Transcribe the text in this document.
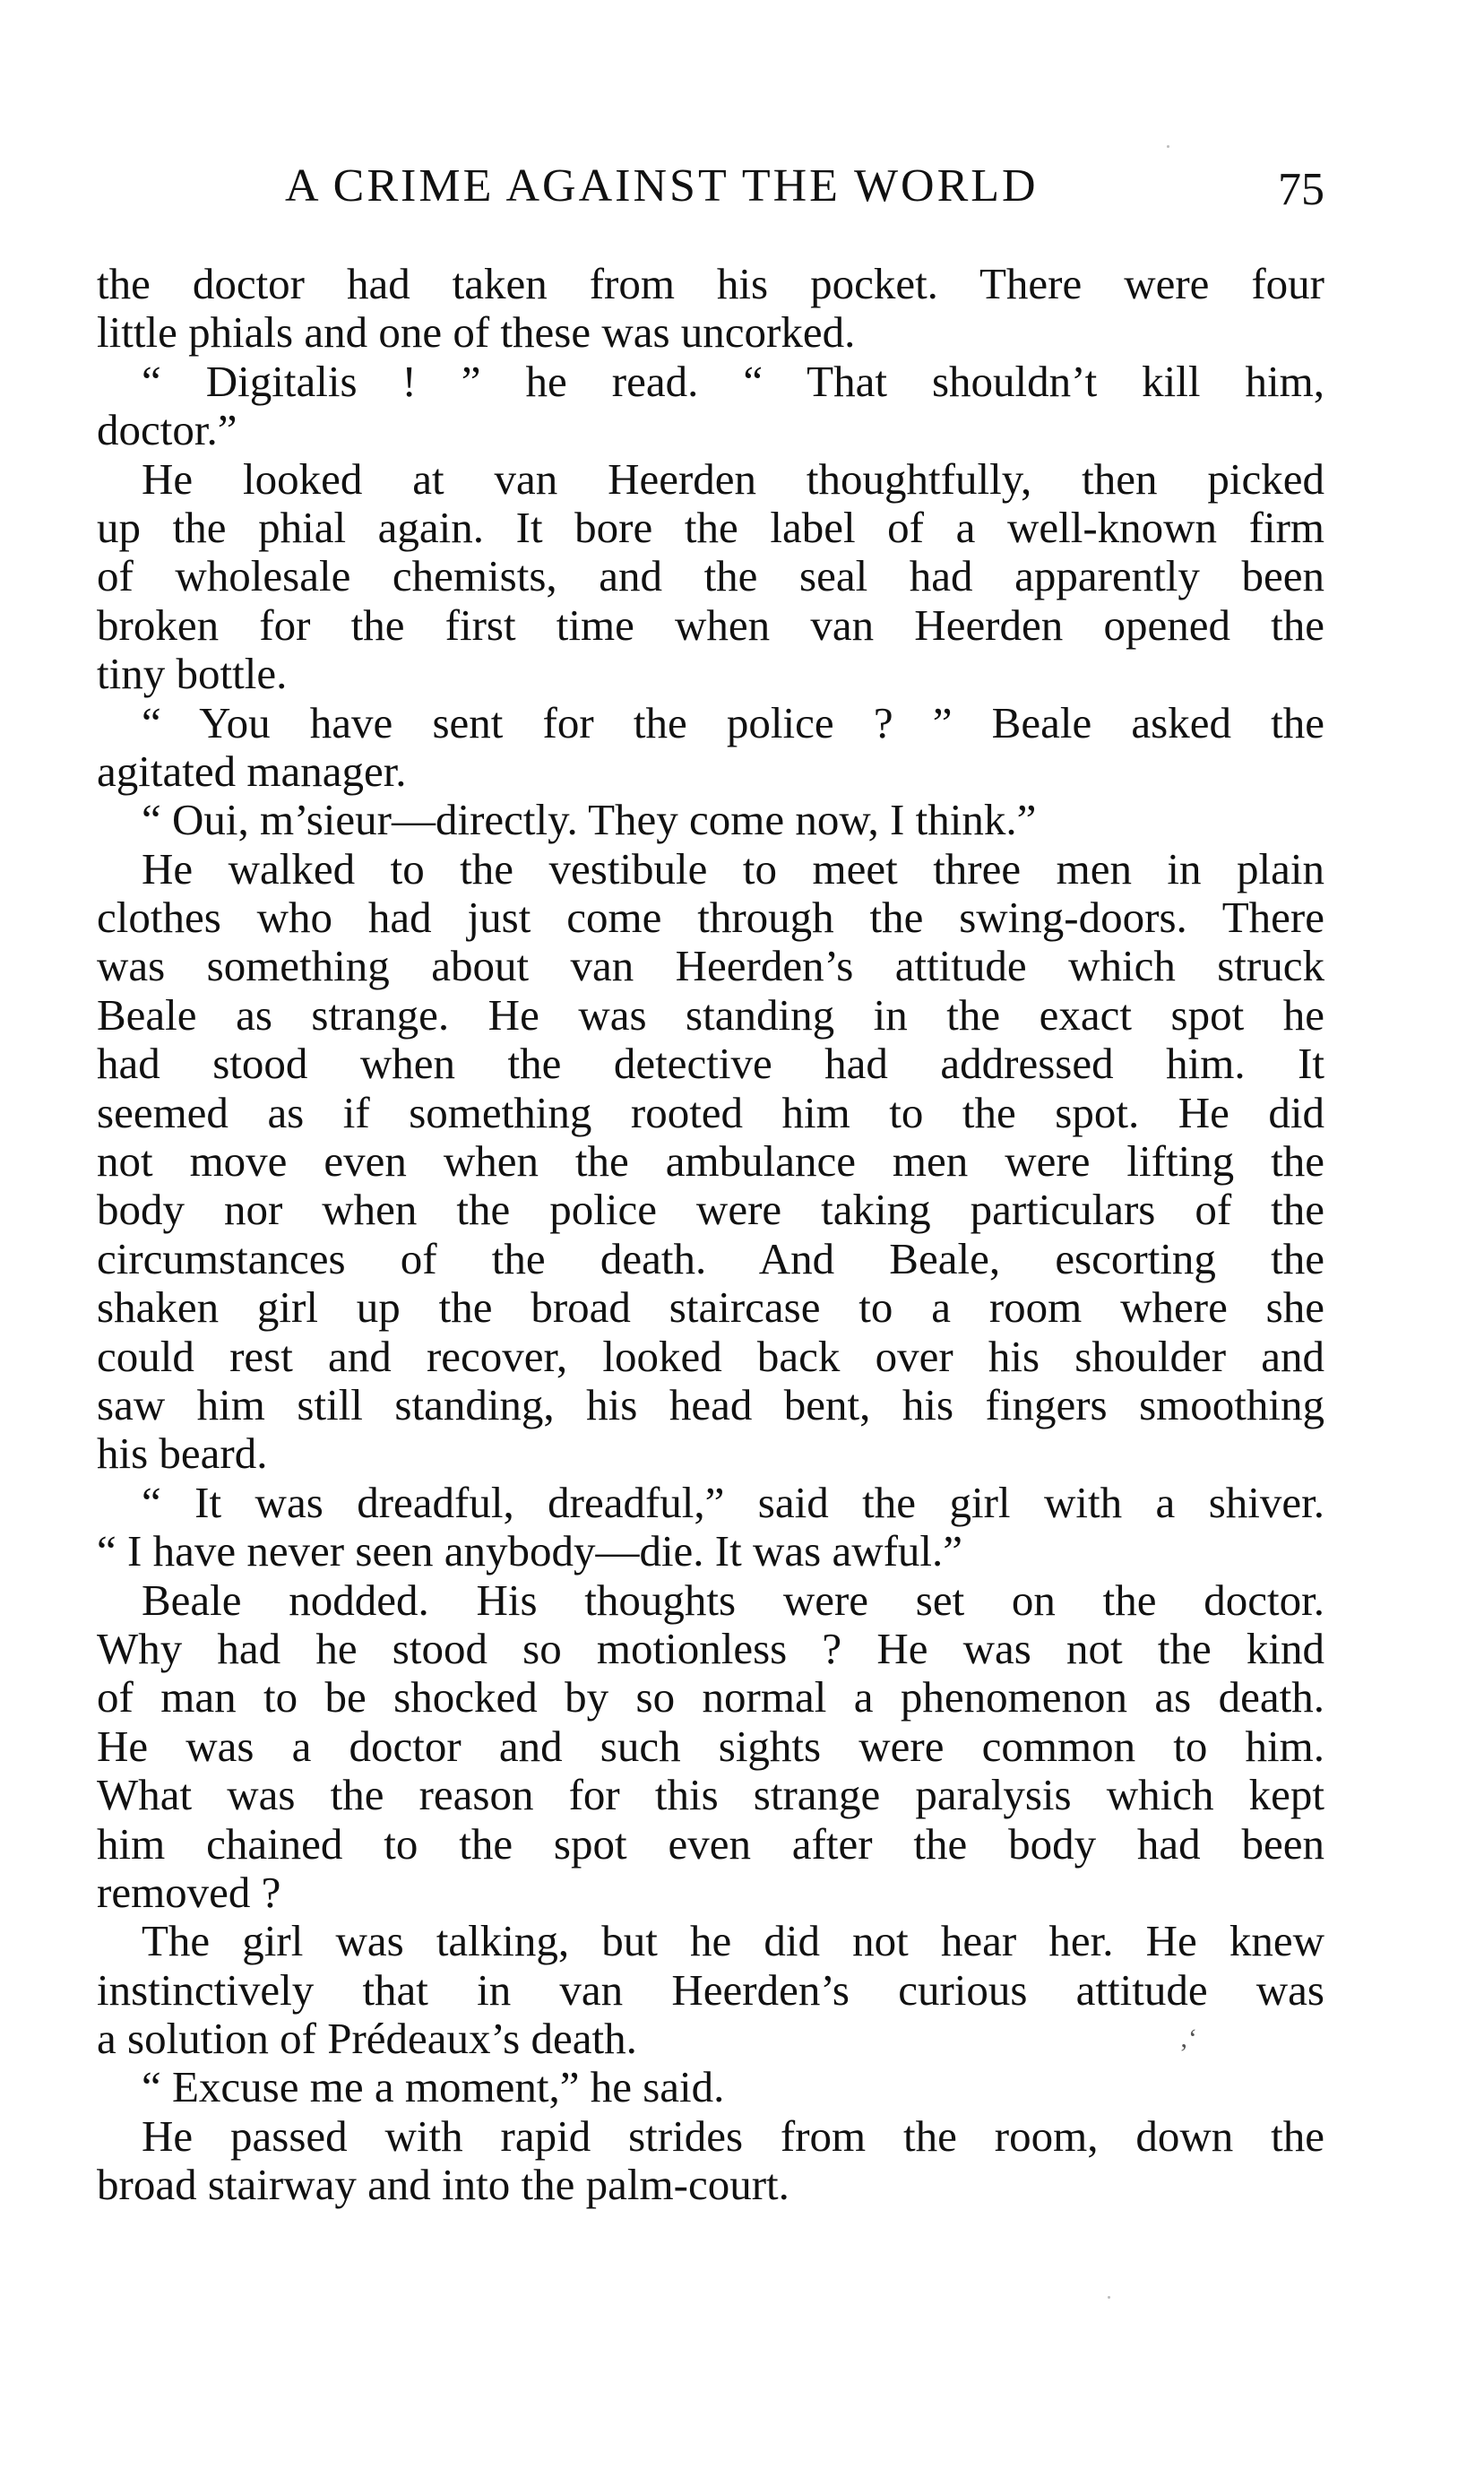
A CRIME AGAINST THE WORLD	75
the doctor had taken from his pocket. There were four
little phials and one of these was uncorked.
“ Digitalis ! ” he read. “ That shouldn’t kill him,
doctor.”
He looked at van Heerden thoughtfully, then picked
up the phial again. It bore the label of a well-known firm
of wholesale chemists, and the seal had apparently been
broken for the first time when van Heerden opened the
tiny bottle.
“ You have sent for the police ? ” Beale asked the
agitated manager.
“ Oui, m’sieur—directly. They come now, I think.”
He walked to the vestibule to meet three men in plain
clothes who had just come through the swing-doors. There
was something about van Heerden’s attitude which struck
Beale as strange. He was standing in the exact spot he
had stood when the detective had addressed him. It
seemed as if something rooted him to the spot. He did
not move even when the ambulance men were lifting the
body nor when the police were taking particulars of the
circumstances of the death. And Beale, escorting the
shaken girl up the broad staircase to a room where she
could rest and recover, looked back over his shoulder and
saw him still standing, his head bent, his fingers smoothing
his beard.
“ It was dreadful, dreadful,” said the girl with a shiver.
“ I have never seen anybody—die. It was awful.”
Beale nodded. His thoughts were set on the doctor.
Why had he stood so motionless ? He was not the kind
of man to be shocked by so normal a phenomenon as death.
He was a doctor and such sights were common to him.
What was the reason for this strange paralysis which kept
him chained to the spot even after the body had been
removed ?
The girl was talking, but he did not hear her. He knew
instinctively that in van Heerden’s curious attitude was
a solution of Prédeaux’s death.
“ Excuse me a moment,” he said.
He passed with rapid strides from the room, down the
broad stairway and into the palm-court.
‚‘
